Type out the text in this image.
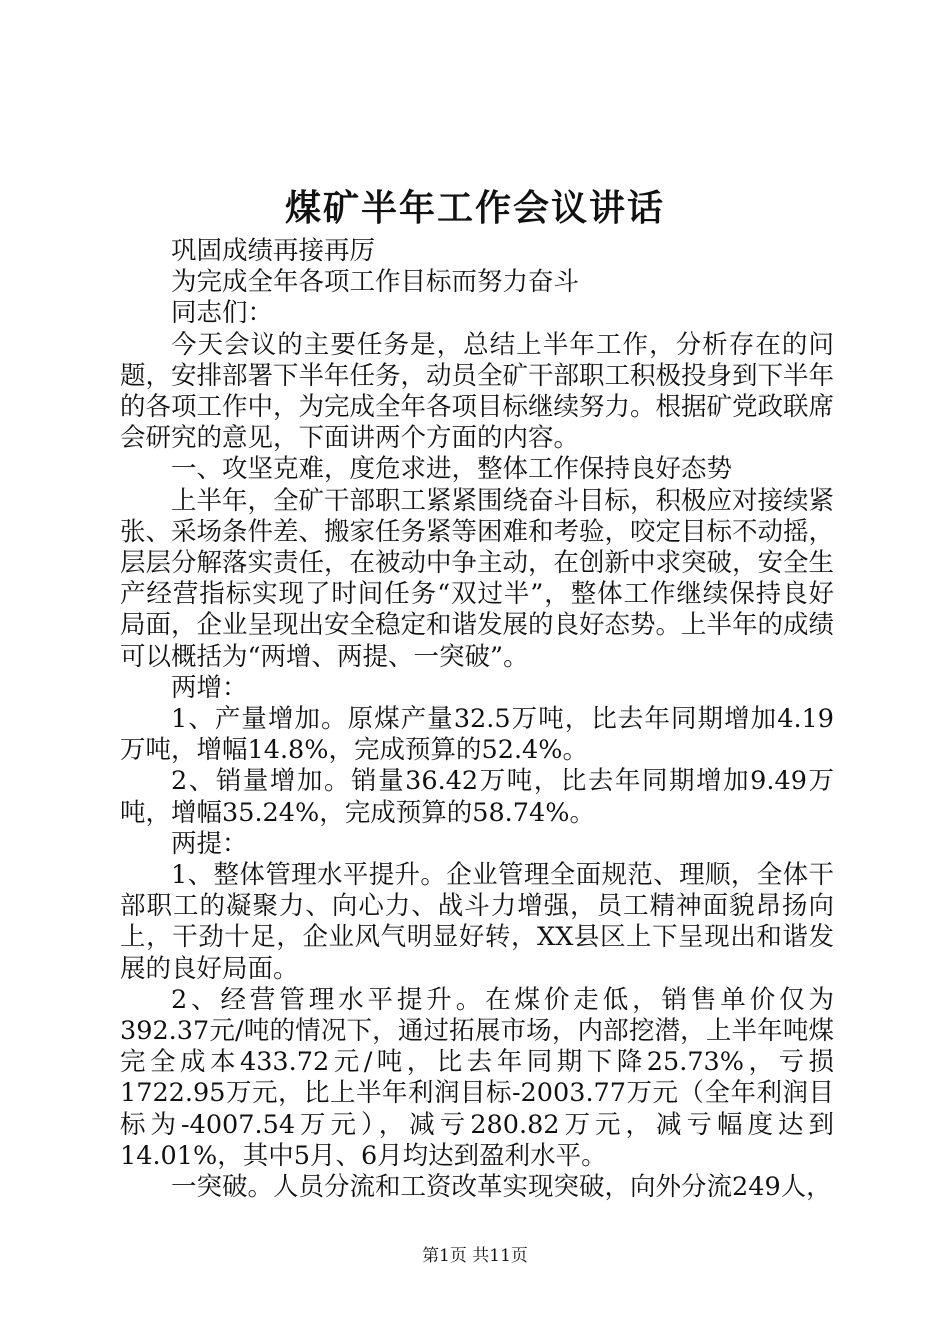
煤矿半年工作会议讲话

巩固成绩再接再厉

为完成全年各项工作目标而努力奋斗

同志们：

今天会议的主要任务是，总结上半年工作，分析存在的问题，安排部署下半年任务，动员全矿干部职工积极投身到下半年的各项工作中，为完成全年各项目标继续努力。根据矿党政联席会研究的意见，下面讲两个方面的内容。

一、攻坚克难，度危求进，整体工作保持良好态势

上半年，全矿干部职工紧紧围绕奋斗目标，积极应对接续紧张、采场条件差、搬家任务紧等困难和考验，咬定目标不动摇，层层分解落实责任，在被动中争主动，在创新中求突破，安全生产经营指标实现了时间任务“双过半”，整体工作继续保持良好局面，企业呈现出安全稳定和谐发展的良好态势。上半年的成绩可以概括为“两增、两提、一突破”。

两增：

1、产量增加。原煤产量32.5万吨，比去年同期增加4.19万吨，增幅14.8%，完成预算的52.4%。

2、销量增加。销量36.42万吨，比去年同期增加9.49万吨，增幅35.24%，完成预算的58.74%。

两提：

1、整体管理水平提升。企业管理全面规范、理顺，全体干部职工的凝聚力、向心力、战斗力增强，员工精神面貌昂扬向上，干劲十足，企业风气明显好转，XX县区上下呈现出和谐发展的良好局面。

2、经营管理水平提升。在煤价走低，销售单价仅为392.37元/吨的情况下，通过拓展市场，内部挖潜，上半年吨煤完全成本433.72元/吨，比去年同期下降25.73%，亏损1722.95万元，比上半年利润目标-2003.77万元（全年利润目标为-4007.54万元），减亏280.82万元，减亏幅度达到14.01%，其中5月、6月均达到盈利水平。

一突破。人员分流和工资改革实现突破，向外分流249人，

第1页 共11页
